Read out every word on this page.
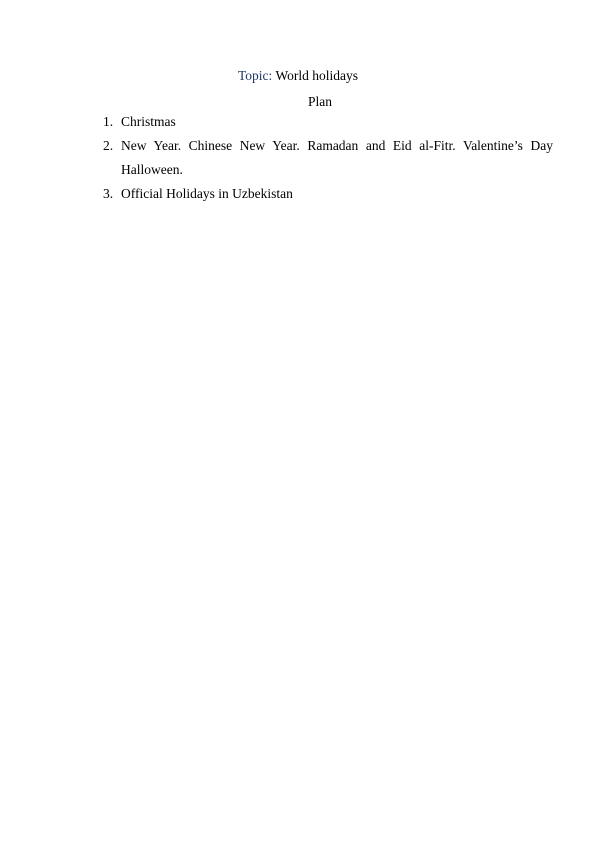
Topic: World holidays
Plan
1. Christmas
2. New Year. Chinese New Year. Ramadan and Eid al-Fitr. Valentine’s Day
Halloween.
3. Official Holidays in Uzbekistan
